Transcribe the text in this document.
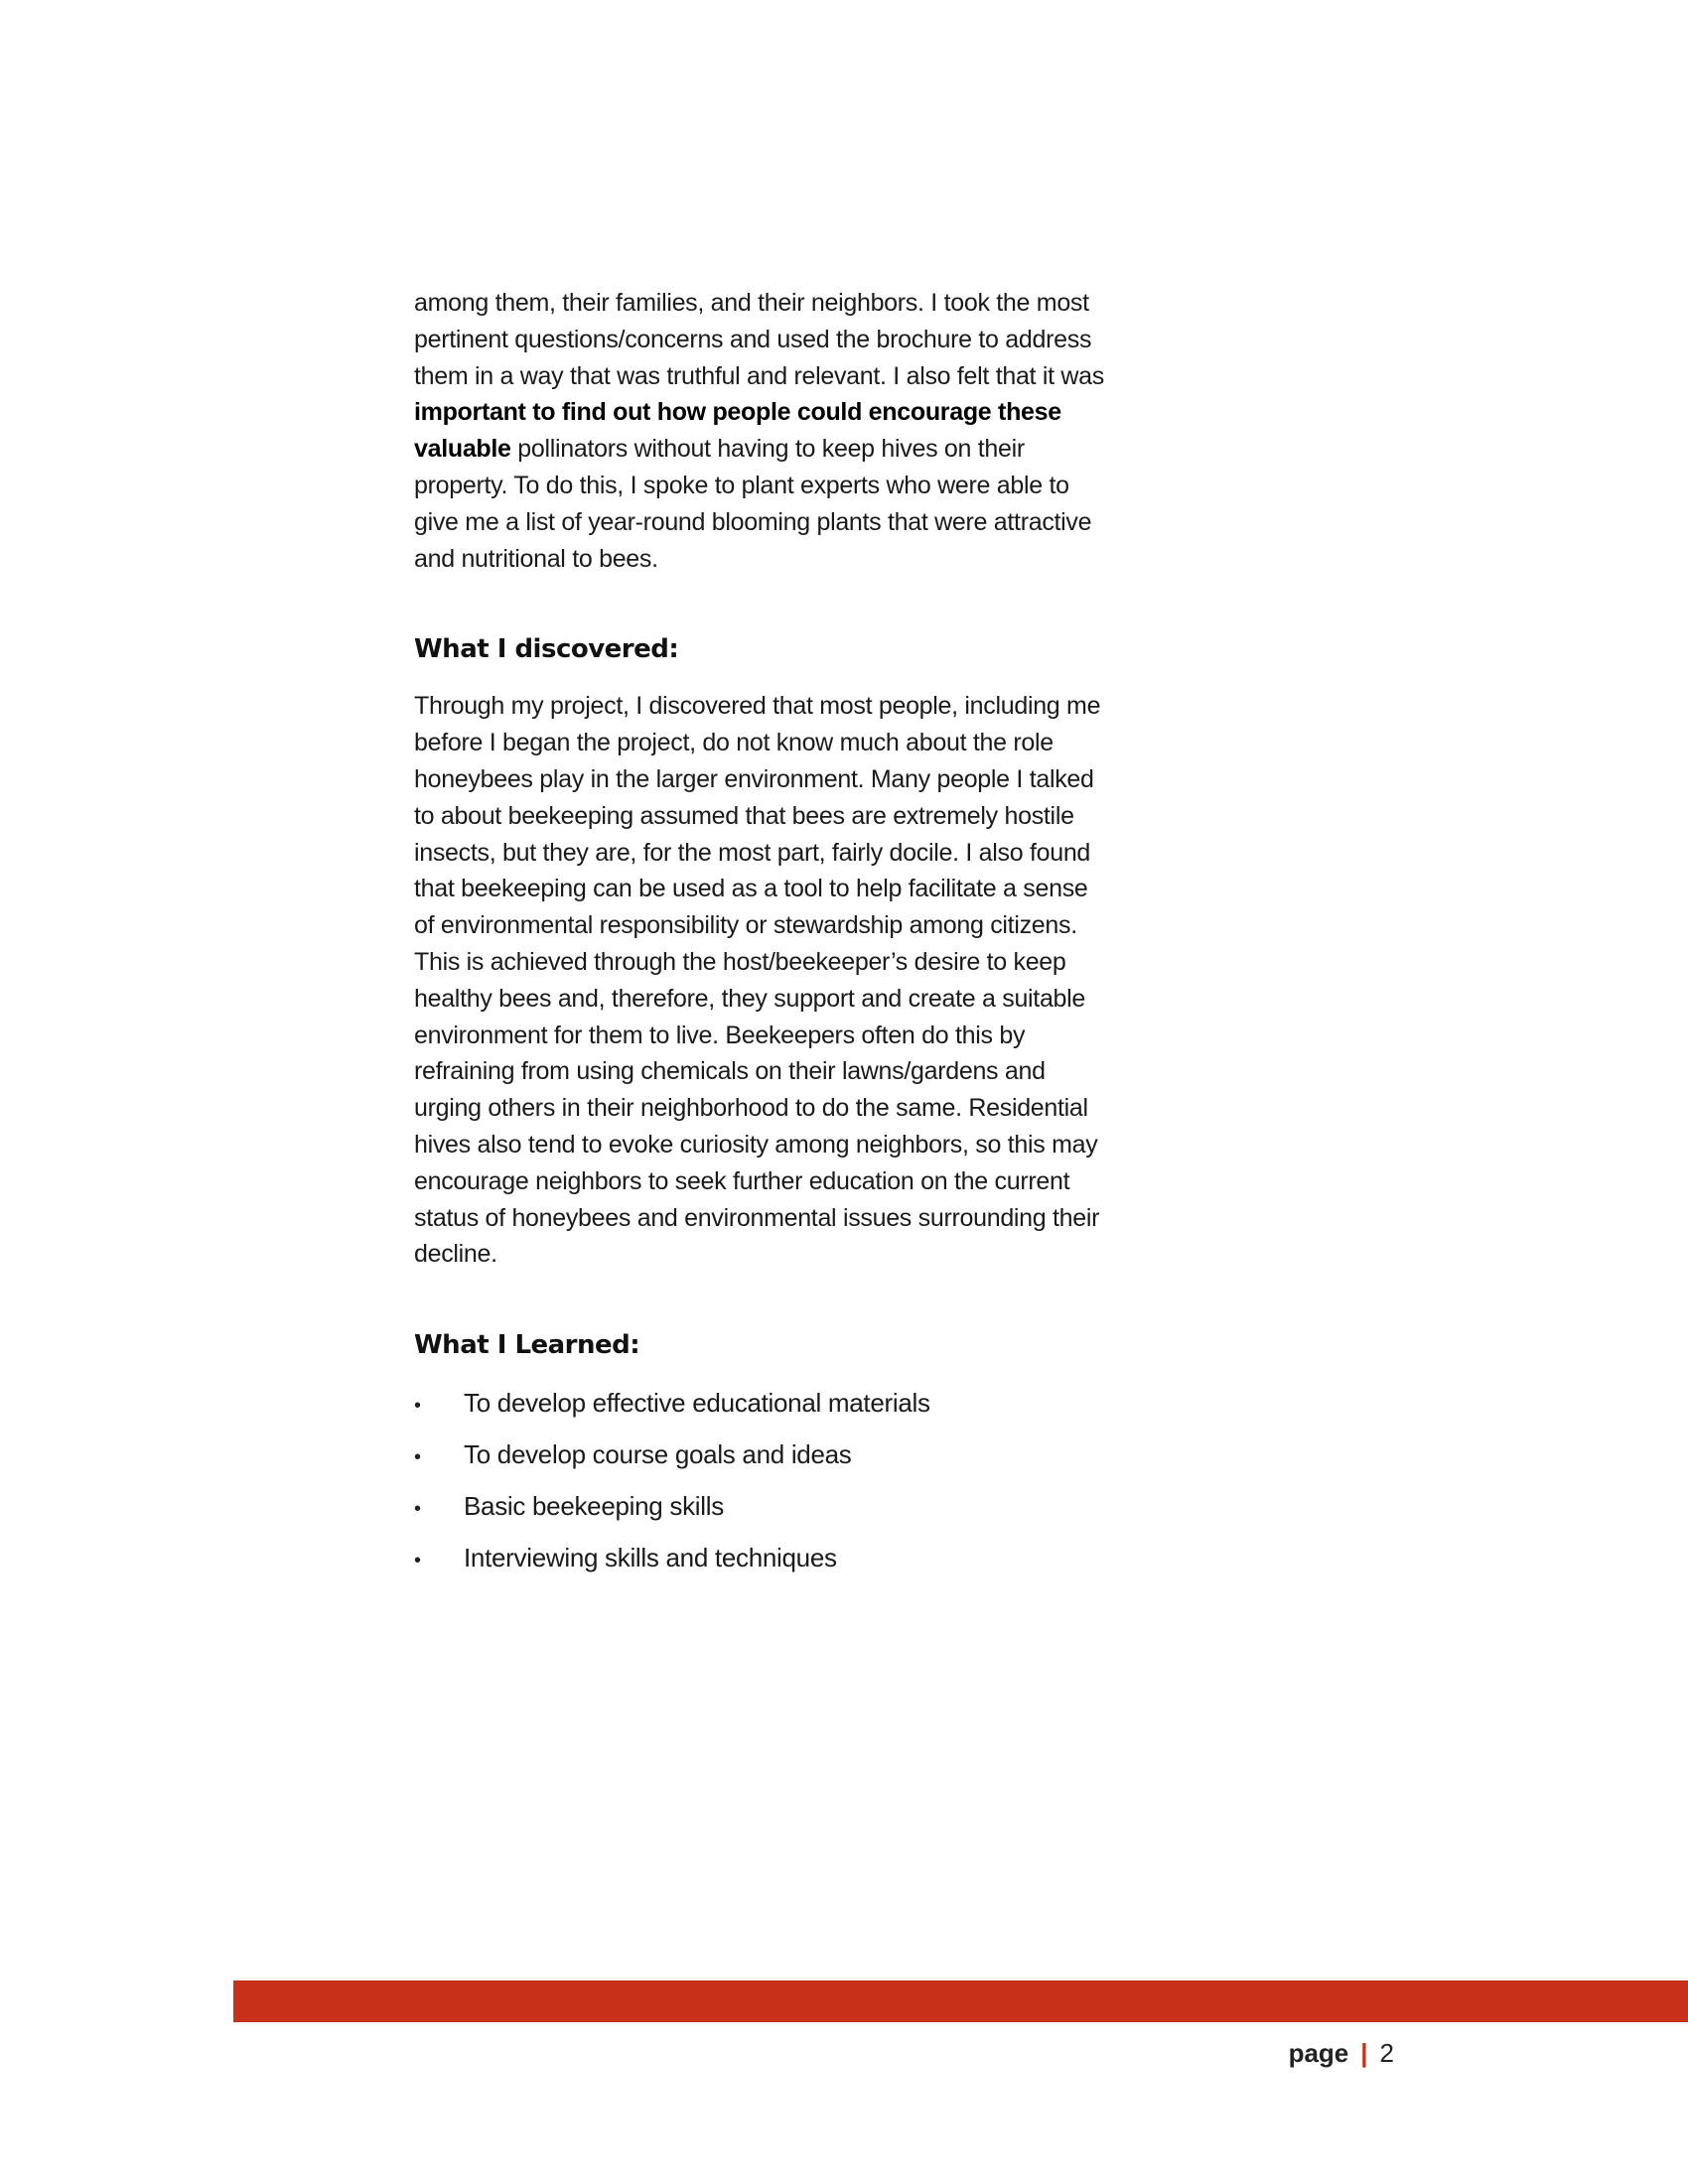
among them, their families, and their neighbors. I took the most pertinent questions/concerns and used the brochure to address them in a way that was truthful and relevant. I also felt that it was important to find out how people could encourage these valuable pollinators without having to keep hives on their property. To do this, I spoke to plant experts who were able to give me a list of year-round blooming plants that were attractive and nutritional to bees.

What I discovered:

Through my project, I discovered that most people, including me before I began the project, do not know much about the role honeybees play in the larger environment. Many people I talked to about beekeeping assumed that bees are extremely hostile insects, but they are, for the most part, fairly docile. I also found that beekeeping can be used as a tool to help facilitate a sense of environmental responsibility or stewardship among citizens. This is achieved through the host/beekeeper’s desire to keep healthy bees and, therefore, they support and create a suitable environment for them to live. Beekeepers often do this by refraining from using chemicals on their lawns/gardens and urging others in their neighborhood to do the same. Residential hives also tend to evoke curiosity among neighbors, so this may encourage neighbors to seek further education on the current status of honeybees and environmental issues surrounding their decline.

What I Learned:
•	To develop effective educational materials
•	To develop course goals and ideas
•	Basic beekeeping skills
•	Interviewing skills and techniques
page | 2
